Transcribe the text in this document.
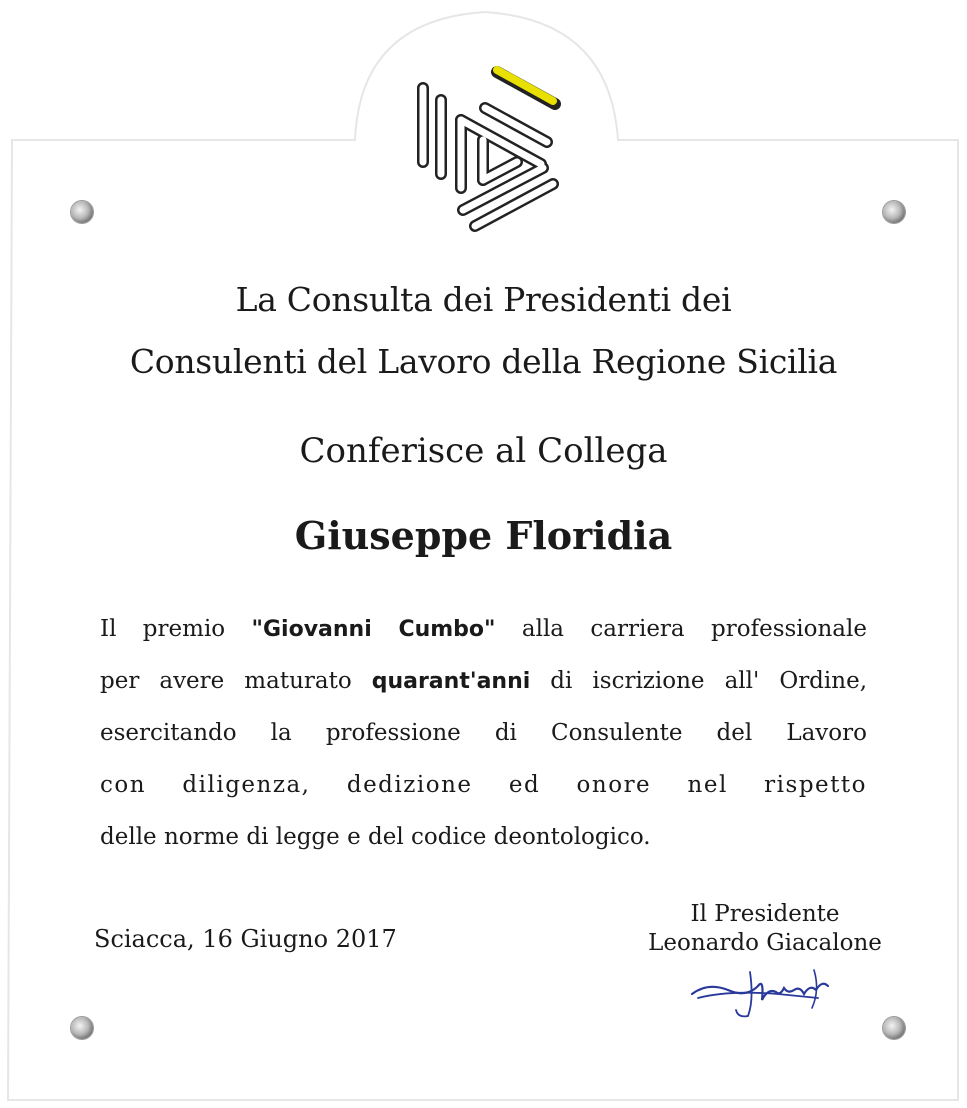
La Consulta dei Presidenti dei
Consulenti del Lavoro della Regione Sicilia
Conferisce al Collega
Giuseppe Floridia
Il premio "Giovanni Cumbo" alla carriera professionale
per avere maturato quarant'anni di iscrizione all' Ordine,
esercitando la professione di Consulente del Lavoro
con diligenza, dedizione ed onore nel rispetto
delle norme di legge e del codice deontologico.
Sciacca, 16 Giugno 2017
Il Presidente
Leonardo Giacalone
